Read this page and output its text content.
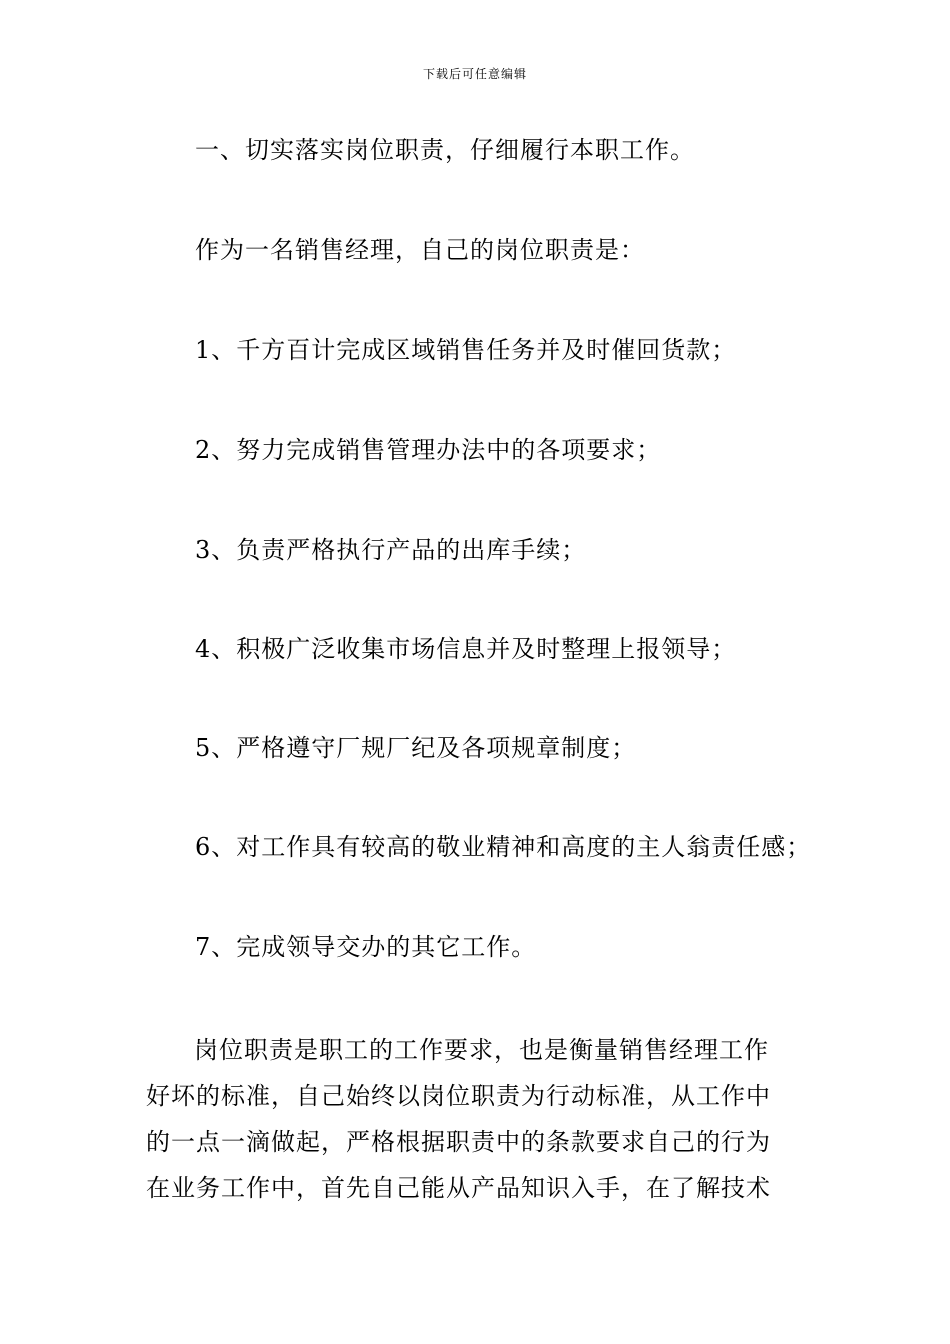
下载后可任意编辑
一、切实落实岗位职责，仔细履行本职工作。
作为一名销售经理，自己的岗位职责是：
1、千方百计完成区域销售任务并及时催回货款；
2、努力完成销售管理办法中的各项要求；
3、负责严格执行产品的出库手续；
4、积极广泛收集市场信息并及时整理上报领导；
5、严格遵守厂规厂纪及各项规章制度；
6、对工作具有较高的敬业精神和高度的主人翁责任感；
7、完成领导交办的其它工作。
岗位职责是职工的工作要求，也是衡量销售经理工作
好坏的标准，自己始终以岗位职责为行动标准，从工作中
的一点一滴做起，严格根据职责中的条款要求自己的行为
在业务工作中，首先自己能从产品知识入手，在了解技术
